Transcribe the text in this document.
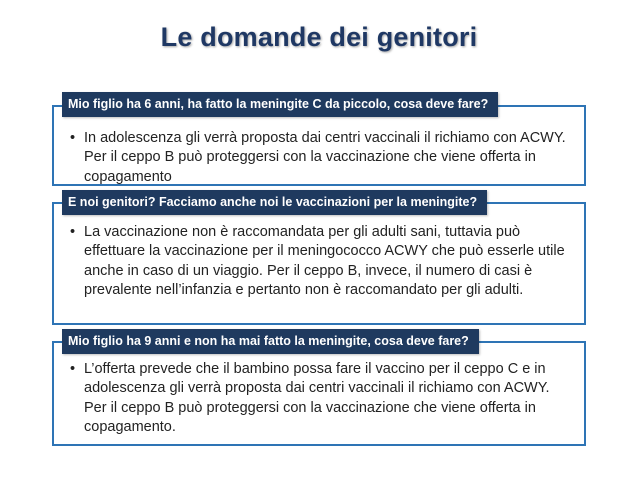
Le domande dei genitori
Mio figlio ha 6 anni, ha fatto la meningite C da piccolo, cosa deve fare?
• In adolescenza gli verrà proposta dai centri vaccinali il richiamo con ACWY. Per il ceppo B può proteggersi con la vaccinazione che viene offerta in copagamento
E noi genitori? Facciamo anche noi le vaccinazioni per la meningite?
• La vaccinazione non è raccomandata per gli adulti sani, tuttavia può effettuare la vaccinazione per il meningococco ACWY che può esserle utile anche in caso di un viaggio. Per il ceppo B, invece, il numero di casi è prevalente nell’infanzia e pertanto non è raccomandato per gli adulti.
Mio figlio ha 9 anni e non ha mai fatto la meningite, cosa deve fare?
• L’offerta prevede che il bambino possa fare il vaccino per il ceppo C e in adolescenza gli verrà proposta dai centri vaccinali il richiamo con ACWY. Per il ceppo B può proteggersi con la vaccinazione che viene offerta in copagamento.
